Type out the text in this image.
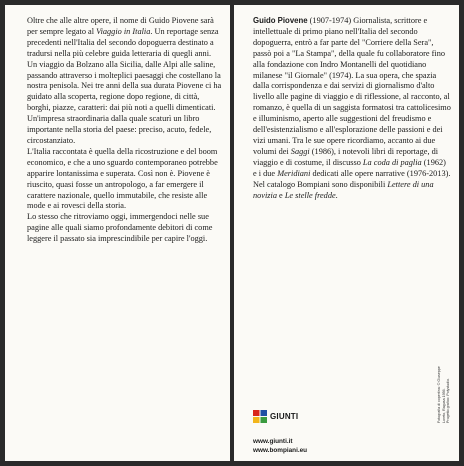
Oltre che alle altre opere, il nome di Guido Piovene sarà per sempre legato al Viaggio in Italia. Un reportage senza precedenti nell'Italia del secondo dopoguerra destinato a tradursi nella più celebre guida letteraria di quegli anni. Un viaggio da Bolzano alla Sicilia, dalle Alpi alle saline, passando attraverso i molteplici paesaggi che costellano la nostra penisola. Nei tre anni della sua durata Piovene ci ha guidato alla scoperta, regione dopo regione, di città, borghi, piazze, caratteri: dai più noti a quelli dimenticati.

Un'impresa straordinaria dalla quale scaturì un libro importante nella storia del paese: preciso, acuto, fedele, circostanziato.

L'Italia raccontata è quella della ricostruzione e del boom economico, e che a uno sguardo contemporaneo potrebbe apparire lontanissima e superata. Così non è. Piovene è riuscito, quasi fosse un antropologo, a far emergere il carattere nazionale, quello immutabile, che resiste alle mode e ai rovesci della storia.

Lo stesso che ritroviamo oggi, immergendoci nelle sue pagine alle quali siamo profondamente debitori di come leggere il passato sia imprescindibile per capire l'oggi.

Guido Piovene (1907-1974) Giornalista, scrittore e intellettuale di primo piano nell'Italia del secondo dopoguerra, entrò a far parte del "Corriere della Sera", passò poi a "La Stampa", della quale fu collaboratore fino alla fondazione con Indro Montanelli del quotidiano milanese "il Giornale" (1974). La sua opera, che spazia dalla corrispondenza e dai servizi di giornalismo d'alto livello alle pagine di viaggio e di riflessione, al racconto, al romanzo, è quella di un saggista formatosi tra cattolicesimo e illuminismo, aperto alle suggestioni del freudismo e dell'esistenzialismo e all'esplorazione delle passioni e dei vizi umani. Tra le sue opere ricordiamo, accanto ai due volumi dei Saggi (1986), i notevoli libri di reportage, di viaggio e di costume, il discusso La coda di paglia (1962) e i due Meridiani dedicati alle opere narrative (1976-2013).

Nel catalogo Bompiani sono disponibili Lettere di una novizia e Le stelle fredde.

GIUNTI
www.giunti.it
www.bompiani.eu
Fotografia di copertina: © Giuseppe Loreto, Ragusa 1956. Progetto grafico: Polystudio.
